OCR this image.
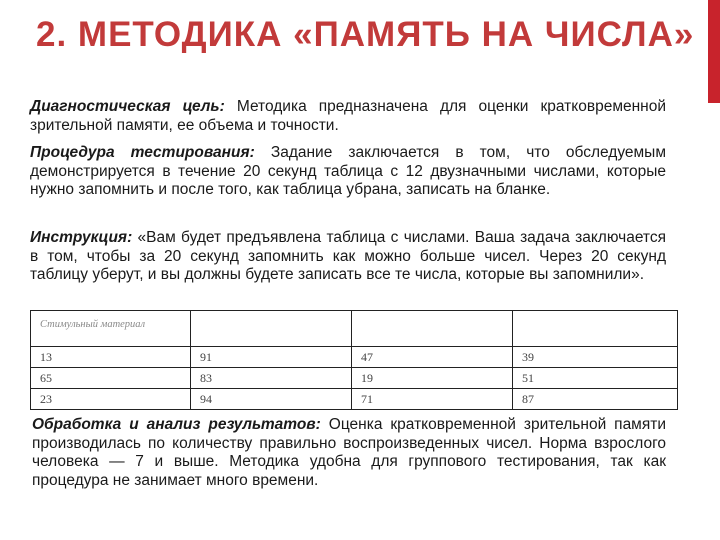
2. МЕТОДИКА «ПАМЯТЬ НА ЧИСЛА»

Диагностическая цель: Методика предназначена для оценки кратковременной зрительной памяти, ее объема и точности.

Процедура тестирования: Задание заключается в том, что обследуемым демонстрируется в течение 20 секунд таблица с 12 двузначными числами, которые нужно запомнить и после того, как таблица убрана, записать на бланке.

Инструкция: «Вам будет предъявлена таблица с числами. Ваша задача заключается в том, чтобы за 20 секунд запомнить как можно больше чисел. Через 20 секунд таблицу уберут, и вы должны будете записать все те числа, которые вы запомнили».

Стимульный материал			
13	91	47	39
65	83	19	51
23	94	71	87

Обработка и анализ результатов: Оценка кратковременной зрительной памяти производилась по количеству правильно воспроизведенных чисел. Норма взрослого человека — 7 и выше. Методика удобна для группового тестирования, так как процедура не занимает много времени.
